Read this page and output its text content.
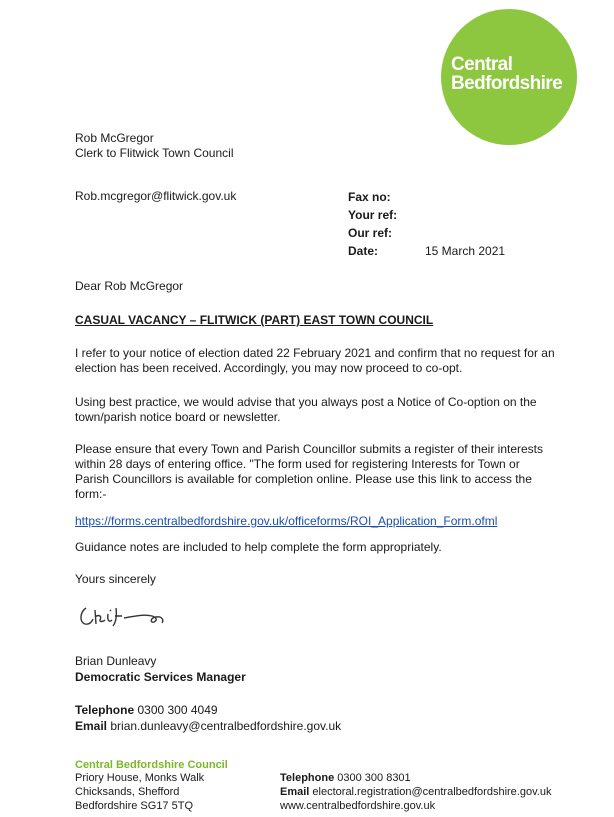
Central
Bedfordshire
Rob McGregor
Clerk to Flitwick Town Council
Rob.mcgregor@flitwick.gov.uk	Fax no:
Your ref:
Our ref:
Date:	15 March 2021
Dear Rob McGregor
CASUAL VACANCY – FLITWICK (PART) EAST TOWN COUNCIL
I refer to your notice of election dated 22 February 2021 and confirm that no request for an
election has been received. Accordingly, you may now proceed to co-opt.
Using best practice, we would advise that you always post a Notice of Co-option on the
town/parish notice board or newsletter.
Please ensure that every Town and Parish Councillor submits a register of their interests
within 28 days of entering office. "The form used for registering Interests for Town or
Parish Councillors is available for completion online. Please use this link to access the
form:-
https://forms.centralbedfordshire.gov.uk/officeforms/ROI_Application_Form.ofml
Guidance notes are included to help complete the form appropriately.
Yours sincerely
Brian Dunleavy
Democratic Services Manager
Telephone 0300 300 4049
Email brian.dunleavy@centralbedfordshire.gov.uk
Central Bedfordshire Council
Priory House, Monks Walk
Chicksands, Shefford
Bedfordshire SG17 5TQ
Telephone 0300 300 8301
Email electoral.registration@centralbedfordshire.gov.uk
www.centralbedfordshire.gov.uk
